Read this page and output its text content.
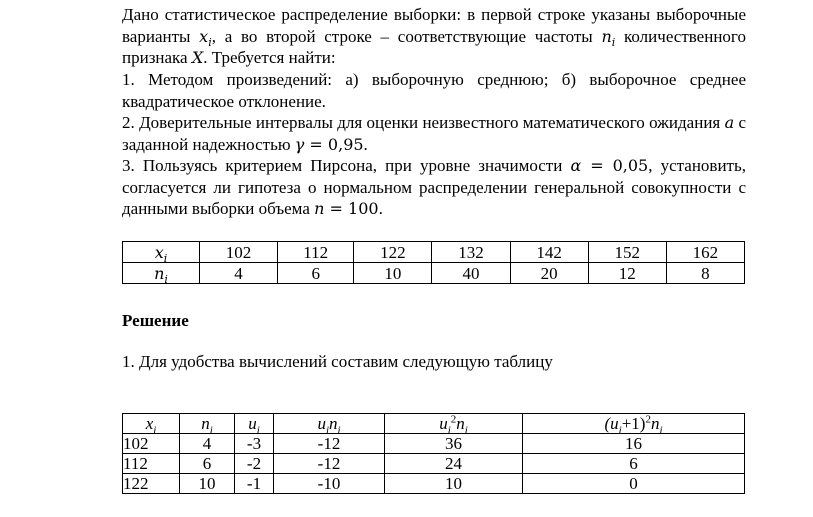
Дано статистическое распределение выборки: в первой строке указаны выборочные варианты $x_i$, а во второй строке – соответствующие частоты $n_i$ количественного признака X. Требуется найти:

1. Методом произведений: а) выборочную среднюю; б) выборочное среднее квадратическое отклонение.

2. Доверительные интервалы для оценки неизвестного математического ожидания a с заданной надежностью γ = 0,95.

3. Пользуясь критерием Пирсона, при уровне значимости α = 0,05, установить, согласуется ли гипотеза о нормальном распределении генеральной совокупности с данными выборки объема n = 100.

$x_i$	102	112	122	132	142	152	162
$n_i$	4	6	10	40	20	12	8

Решение

1. Для удобства вычислений составим следующую таблицу

$x_i$	$n_i$	$u_i$	$u_in_i$	$u_i^2n_i$	$(u_i+1)^2n_i$
102	4	-3	-12	36	16
112	6	-2	-12	24	6
122	10	-1	-10	10	0
